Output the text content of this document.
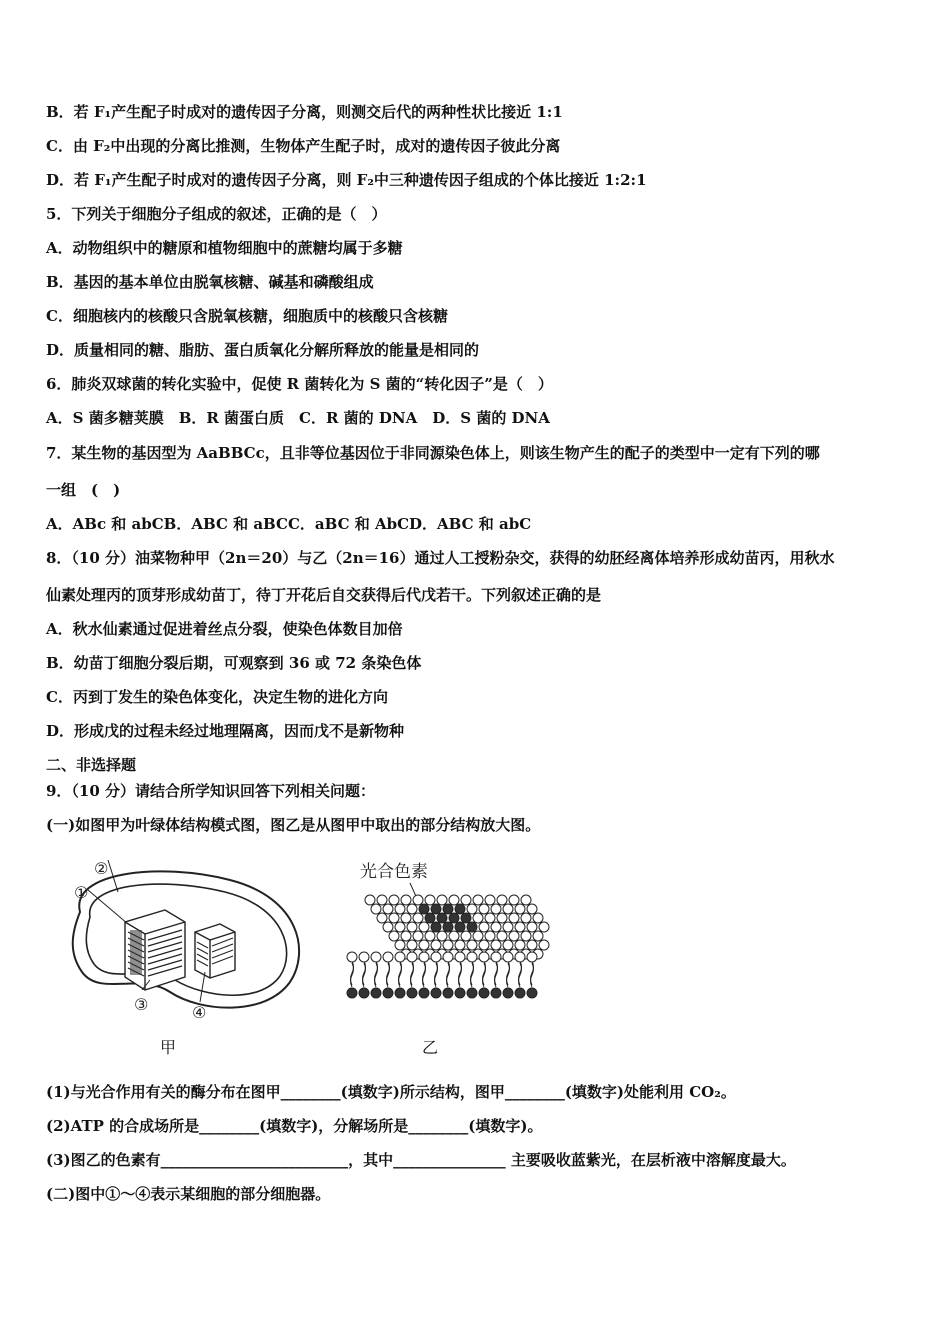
B．若 F₁产生配子时成对的遗传因子分离，则测交后代的两种性状比接近 1:1
C．由 F₂中出现的分离比推测，生物体产生配子时，成对的遗传因子彼此分离
D．若 F₁产生配子时成对的遗传因子分离，则 F₂中三种遗传因子组成的个体比接近 1:2:1
5．下列关于细胞分子组成的叙述，正确的是（　）
A．动物组织中的糖原和植物细胞中的蔗糖均属于多糖
B．基因的基本单位由脱氧核糖、碱基和磷酸组成
C．细胞核内的核酸只含脱氧核糖，细胞质中的核酸只含核糖
D．质量相同的糖、脂肪、蛋白质氧化分解所释放的能量是相同的
6．肺炎双球菌的转化实验中，促使 R 菌转化为 S 菌的“转化因子”是（　）
A．S 菌多糖荚膜　B．R 菌蛋白质　C．R 菌的 DNA　D．S 菌的 DNA
7．某生物的基因型为 AaBBCc，且非等位基因位于非同源染色体上，则该生物产生的配子的类型中一定有下列的哪
一组　(　)
A．ABc 和 abCB．ABC 和 aBCC．aBC 和 AbCD．ABC 和 abC
8．（10 分）油菜物种甲（2n＝20）与乙（2n＝16）通过人工授粉杂交，获得的幼胚经离体培养形成幼苗丙，用秋水
仙素处理丙的顶芽形成幼苗丁，待丁开花后自交获得后代戊若干。下列叙述正确的是
A．秋水仙素通过促进着丝点分裂，使染色体数目加倍
B．幼苗丁细胞分裂后期，可观察到 36 或 72 条染色体
C．丙到丁发生的染色体变化，决定生物的进化方向
D．形成戊的过程未经过地理隔离，因而戊不是新物种
二、非选择题
9．（10 分）请结合所学知识回答下列相关问题：
(一)如图甲为叶绿体结构模式图，图乙是从图甲中取出的部分结构放大图。
②
①
③	④
甲
光合色素
乙
(1)与光合作用有关的酶分布在图甲________(填数字)所示结构，图甲________(填数字)处能利用 CO₂。
(2)ATP 的合成场所是________(填数字)，分解场所是________(填数字)。
(3)图乙的色素有_________________________，其中_______________ 主要吸收蓝紫光，在层析液中溶解度最大。
(二)图中①～④表示某细胞的部分细胞器。
